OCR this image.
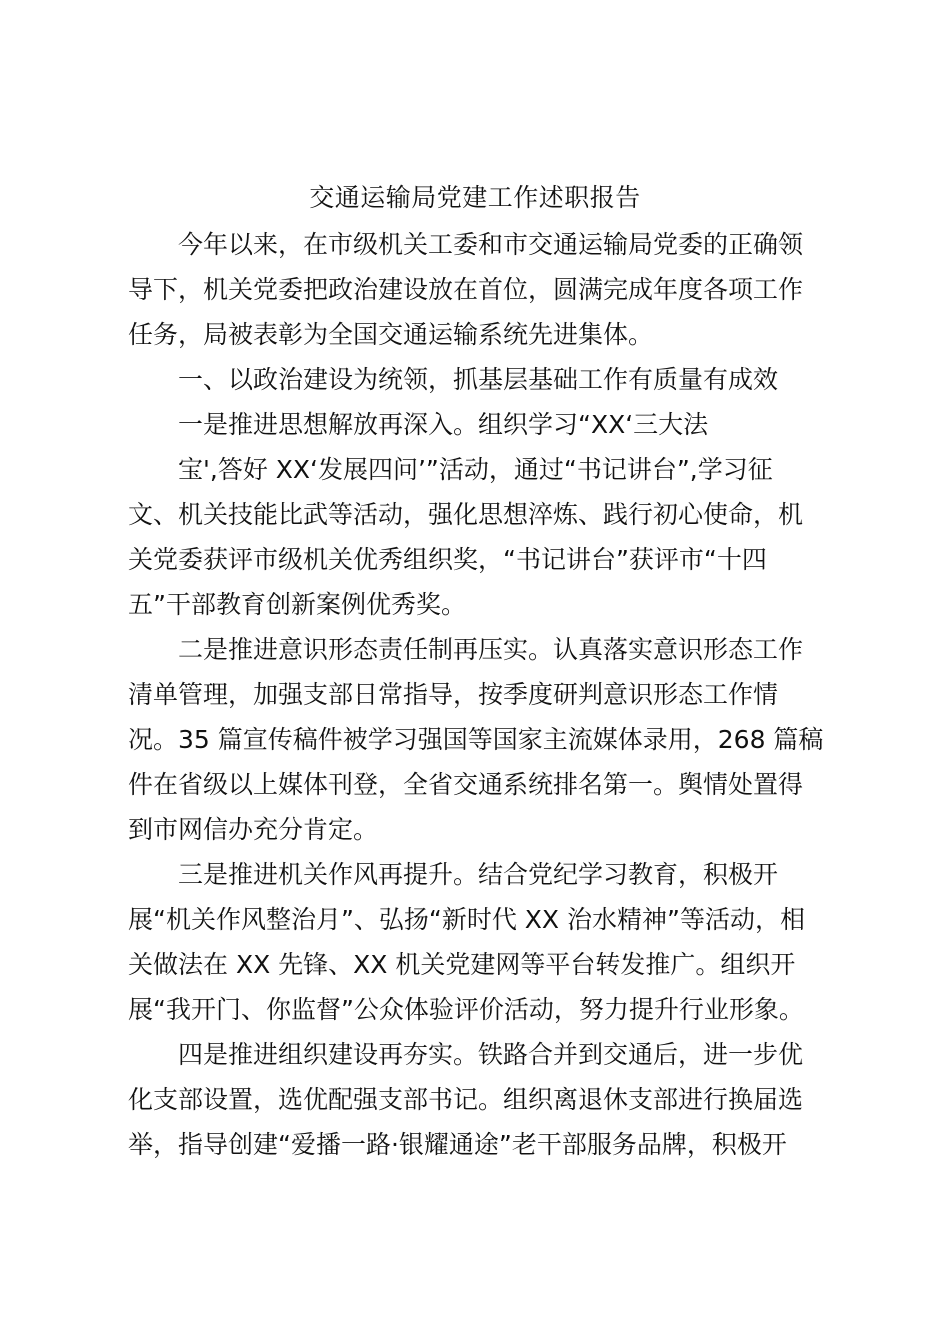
交通运输局党建工作述职报告

今年以来，在市级机关工委和市交通运输局党委的正确领

导下，机关党委把政治建设放在首位，圆满完成年度各项工作

任务，局被表彰为全国交通运输系统先进集体。

一、以政治建设为统领，抓基层基础工作有质量有成效

一是推进思想解放再深入。组织学习“XX‘三大法

宝',答好 XX‘发展四问’”活动，通过“书记讲台”,学习征

文、机关技能比武等活动，强化思想淬炼、践行初心使命，机

关党委获评市级机关优秀组织奖，“书记讲台”获评市“十四

五”干部教育创新案例优秀奖。

二是推进意识形态责任制再压实。认真落实意识形态工作

清单管理，加强支部日常指导，按季度研判意识形态工作情

况。35 篇宣传稿件被学习强国等国家主流媒体录用，268 篇稿

件在省级以上媒体刊登，全省交通系统排名第一。舆情处置得

到市网信办充分肯定。

三是推进机关作风再提升。结合党纪学习教育，积极开

展“机关作风整治月”、弘扬“新时代 XX 治水精神”等活动，相

关做法在 XX 先锋、XX 机关党建网等平台转发推广。组织开

展“我开门、你监督”公众体验评价活动，努力提升行业形象。

四是推进组织建设再夯实。铁路合并到交通后，进一步优

化支部设置，选优配强支部书记。组织离退休支部进行换届选

举，指导创建“爱播一路·银耀通途”老干部服务品牌，积极开
